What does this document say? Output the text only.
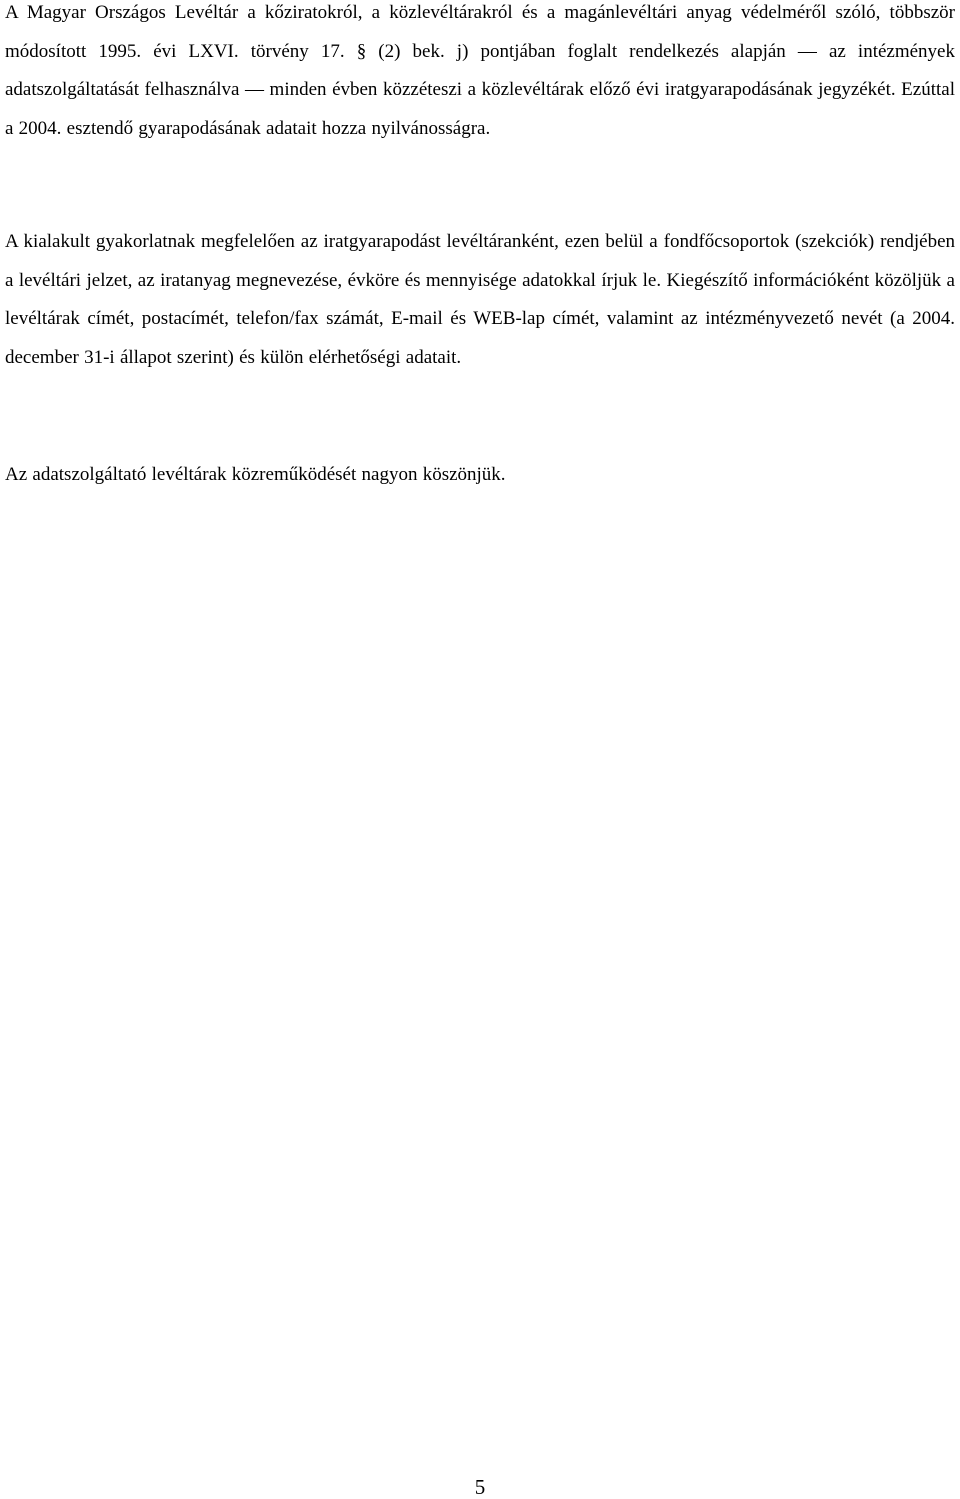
A Magyar Országos Levéltár a kőziratokról, a közlevéltárakról és a magánlevéltári anyag védelméről szóló, többször módosított 1995. évi LXVI. törvény 17. § (2) bek. j) pontjában foglalt rendelkezés alapján — az intézmények adatszolgáltatását felhasználva — minden évben közzéteszi a közlevéltárak előző évi iratgyarapodásának jegyzékét. Ezúttal a 2004. esztendő gyarapodásának adatait hozza nyilvánosságra.

A kialakult gyakorlatnak megfelelően az iratgyarapodást levéltáranként, ezen belül a fondfőcsoportok (szekciók) rendjében a levéltári jelzet, az iratanyag megnevezése, évköre és mennyisége adatokkal írjuk le. Kiegészítő információként közöljük a levéltárak címét, postacímét, telefon/fax számát, E-mail és WEB-lap címét, valamint az intézményvezető nevét (a 2004. december 31-i állapot szerint) és külön elérhetőségi adatait.

Az adatszolgáltató levéltárak közreműködését nagyon köszönjük.

5
